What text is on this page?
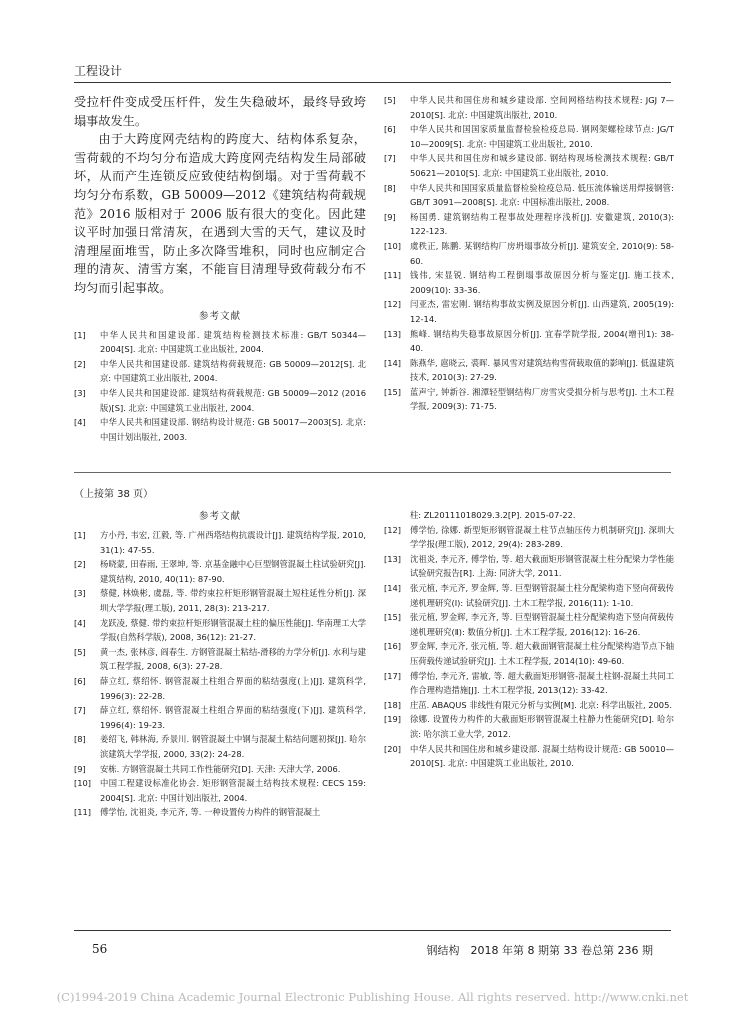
工程设计

受拉杆件变成受压杆件，发生失稳破坏，最终导致垮塌事故发生。

由于大跨度网壳结构的跨度大、结构体系复杂，雪荷载的不均匀分布造成大跨度网壳结构发生局部破坏，从而产生连锁反应致使结构倒塌。对于雪荷载不均匀分布系数，GB 50009—2012《建筑结构荷载规范》2016 版相对于 2006 版有很大的变化。因此建议平时加强日常清灰，在遇到大雪的天气，建议及时清理屋面堆雪，防止多次降雪堆积，同时也应制定合理的清灰、清雪方案，不能盲目清理导致荷载分布不均匀而引起事故。

参考文献
[1] 中华人民共和国建设部. 建筑结构检测技术标准: GB/T 50344—2004[S]. 北京: 中国建筑工业出版社, 2004.
[2] 中华人民共和国建设部. 建筑结构荷载规范: GB 50009—2012[S]. 北京: 中国建筑工业出版社, 2004.
[3] 中华人民共和国建设部. 建筑结构荷载规范: GB 50009—2012 (2016 版)[S]. 北京: 中国建筑工业出版社, 2004.
[4] 中华人民共和国建设部. 钢结构设计规范: GB 50017—2003[S]. 北京: 中国计划出版社, 2003.
[5] 中华人民共和国住房和城乡建设部. 空间网格结构技术规程: JGJ 7—2010[S]. 北京: 中国建筑出版社, 2010.
[6] 中华人民共和国国家质量监督检验检疫总局. 钢网架螺栓球节点: JG/T 10—2009[S]. 北京: 中国建筑工业出版社, 2010.
[7] 中华人民共和国住房和城乡建设部. 钢结构现场检测技术规程: GB/T 50621—2010[S]. 北京: 中国建筑工业出版社, 2010.
[8] 中华人民共和国国家质量监督检验检疫总局. 低压流体输送用焊接钢管: GB/T 3091—2008[S]. 北京: 中国标准出版社, 2008.
[9] 杨国勇. 建筑钢结构工程事故处理程序浅析[J]. 安徽建筑, 2010(3): 122-123.
[10] 虞秩正, 陈鹏. 某钢结构厂房坍塌事故分析[J]. 建筑安全, 2010(9): 58-60.
[11] 钱伟, 宋显锐. 钢结构工程倒塌事故原因分析与鉴定[J]. 施工技术, 2009(10): 33-36.
[12] 闫亚杰, 雷宏刚. 钢结构事故实例及原因分析[J]. 山西建筑, 2005(19): 12-14.
[13] 熊峰. 钢结构失稳事故原因分析[J]. 宜春学院学报, 2004(增刊1): 38-40.
[14] 陈燕华, 扈晓云, 裘晖. 暴风雪对建筑结构雪荷载取值的影响[J]. 低温建筑技术, 2010(3): 27-29.
[15] 蓝声宁, 钟新谷. 湘潭轻型钢结构厂房雪灾受损分析与思考[J]. 土木工程学报, 2009(3): 71-75.
（上接第 38 页）
参考文献
[1] 方小丹, 韦宏, 江毅, 等. 广州西塔结构抗震设计[J]. 建筑结构学报, 2010, 31(1): 47-55.
[2] 杨晓蒙, 田春雨, 王翠坤, 等. 京基金融中心巨型钢管混凝土柱试验研究[J]. 建筑结构, 2010, 40(11): 87-90.
[3] 蔡健, 林焕彬, 虞磊, 等. 带约束拉杆矩形钢管混凝土短柱延性分析[J]. 深圳大学学报(理工版), 2011, 28(3): 213-217.
[4] 龙跃凌, 蔡健. 带约束拉杆矩形钢管混凝土柱的偏压性能[J]. 华南理工大学学报(自然科学版), 2008, 36(12): 21-27.
[5] 黄一杰, 张林彦, 阎春生. 方钢管混凝土粘结-滑移的力学分析[J]. 水利与建筑工程学报, 2008, 6(3): 27-28.
[6] 薛立红, 蔡绍怀. 钢管混凝土柱组合界面的粘结强度(上)[J]. 建筑科学, 1996(3): 22-28.
[7] 薛立红, 蔡绍怀. 钢管混凝土柱组合界面的粘结强度(下)[J]. 建筑科学, 1996(4): 19-23.
[8] 姜绍飞, 韩林海, 乔景川. 钢管混凝土中钢与混凝土粘结问题初探[J]. 哈尔滨建筑大学学报, 2000, 33(2): 24-28.
[9] 安栋. 方钢管混凝土共同工作性能研究[D]. 天津: 天津大学, 2006.
[10] 中国工程建设标准化协会. 矩形钢管混凝土结构技术规程: CECS 159: 2004[S]. 北京: 中国计划出版社, 2004.
[11] 傅学怡, 沈祖炎, 李元齐, 等. 一种设置传力构件的钢管混凝土
柱: ZL20111018029.3.2[P]. 2015-07-22.
[12] 傅学怡, 徐娜. 新型矩形钢管混凝土柱节点轴压传力机制研究[J]. 深圳大学学报(理工版), 2012, 29(4): 283-289.
[13] 沈祖炎, 李元齐, 傅学怡, 等. 超大截面矩形钢管混凝土柱分配梁力学性能试验研究报告[R]. 上海: 同济大学, 2011.
[14] 张元植, 李元齐, 罗金辉, 等. 巨型钢管混凝土柱分配梁构造下竖向荷载传递机理研究(Ⅰ): 试验研究[J]. 土木工程学报, 2016(11): 1-10.
[15] 张元植, 罗金辉, 李元齐, 等. 巨型钢管混凝土柱分配梁构造下竖向荷载传递机理研究(Ⅱ): 数值分析[J]. 土木工程学报, 2016(12): 16-26.
[16] 罗金辉, 李元齐, 张元植, 等. 超大截面钢管混凝土柱分配梁构造节点下轴压荷载传递试验研究[J]. 土木工程学报, 2014(10): 49-60.
[17] 傅学怡, 李元齐, 雷敏, 等. 超大截面矩形钢管-混凝土柱钢-混凝土共同工作合理构造措施[J]. 土木工程学报, 2013(12): 33-42.
[18] 庄茁. ABAQUS 非线性有限元分析与实例[M]. 北京: 科学出版社, 2005.
[19] 徐娜. 设置传力构件的大截面矩形钢管混凝土柱静力性能研究[D]. 哈尔滨: 哈尔滨工业大学, 2012.
[20] 中华人民共和国住房和城乡建设部. 混凝土结构设计规范: GB 50010—2010[S]. 北京: 中国建筑工业出版社, 2010.
56	钢结构　2018 年第 8 期第 33 卷总第 236 期
(C)1994-2019 China Academic Journal Electronic Publishing House. All rights reserved. http://www.cnki.net
